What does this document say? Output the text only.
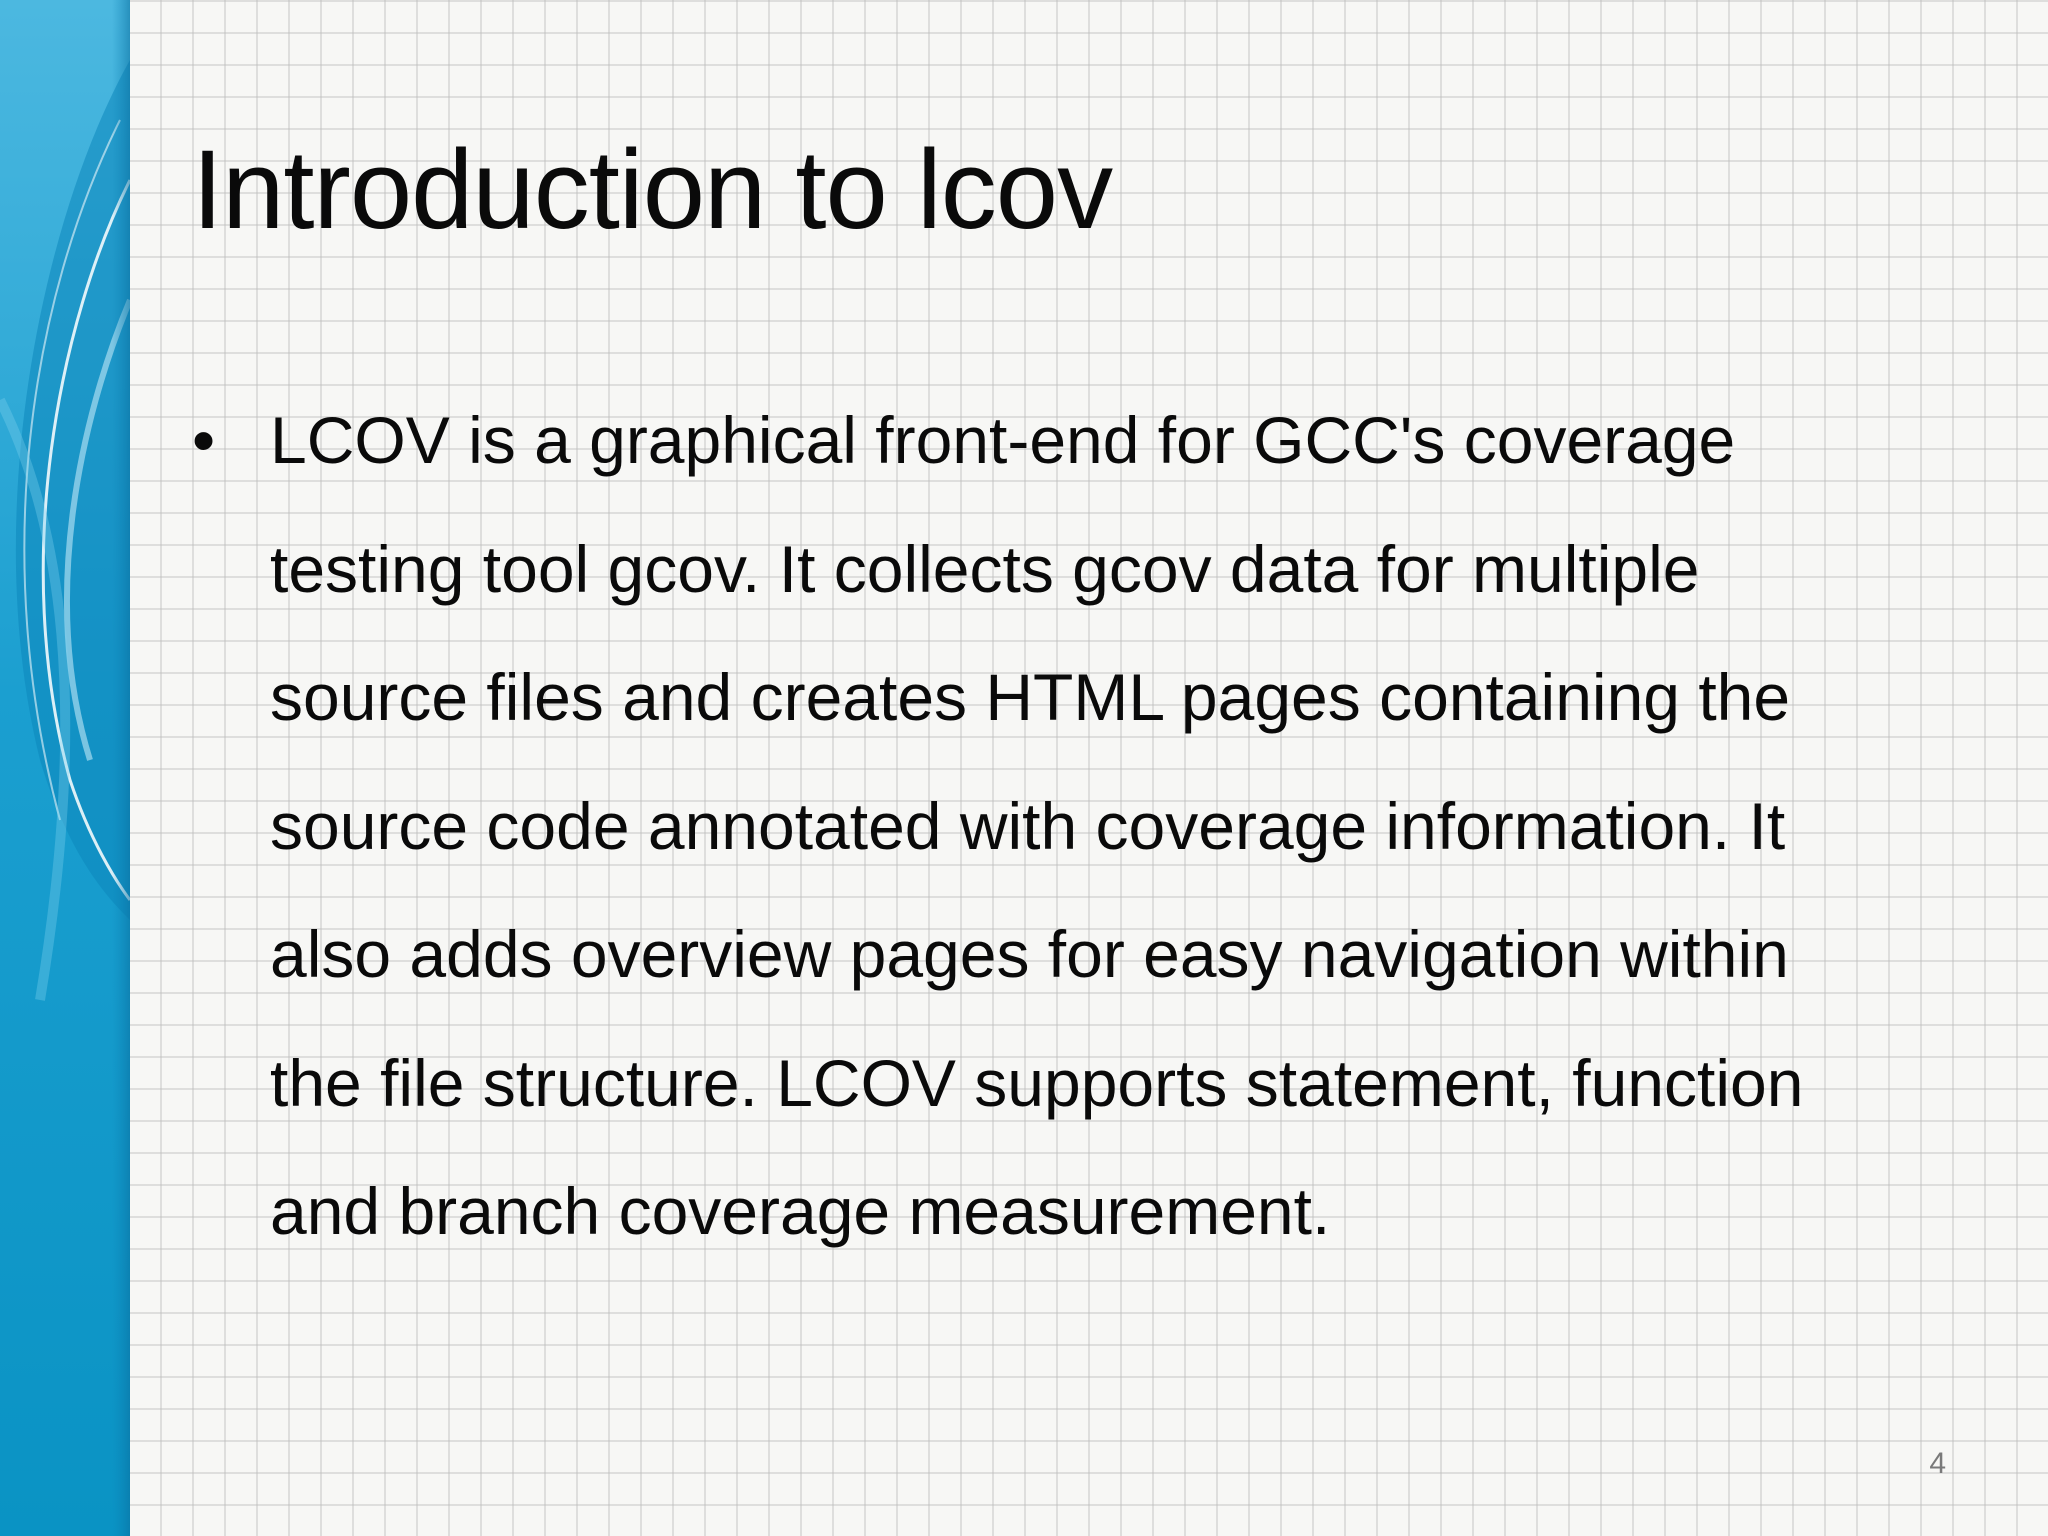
Introduction to lcov
• LCOV is a graphical front-end for GCC's coverage
testing tool gcov. It collects gcov data for multiple
source files and creates HTML pages containing the
source code annotated with coverage information. It
also adds overview pages for easy navigation within
the file structure. LCOV supports statement, function
and branch coverage measurement.
4
